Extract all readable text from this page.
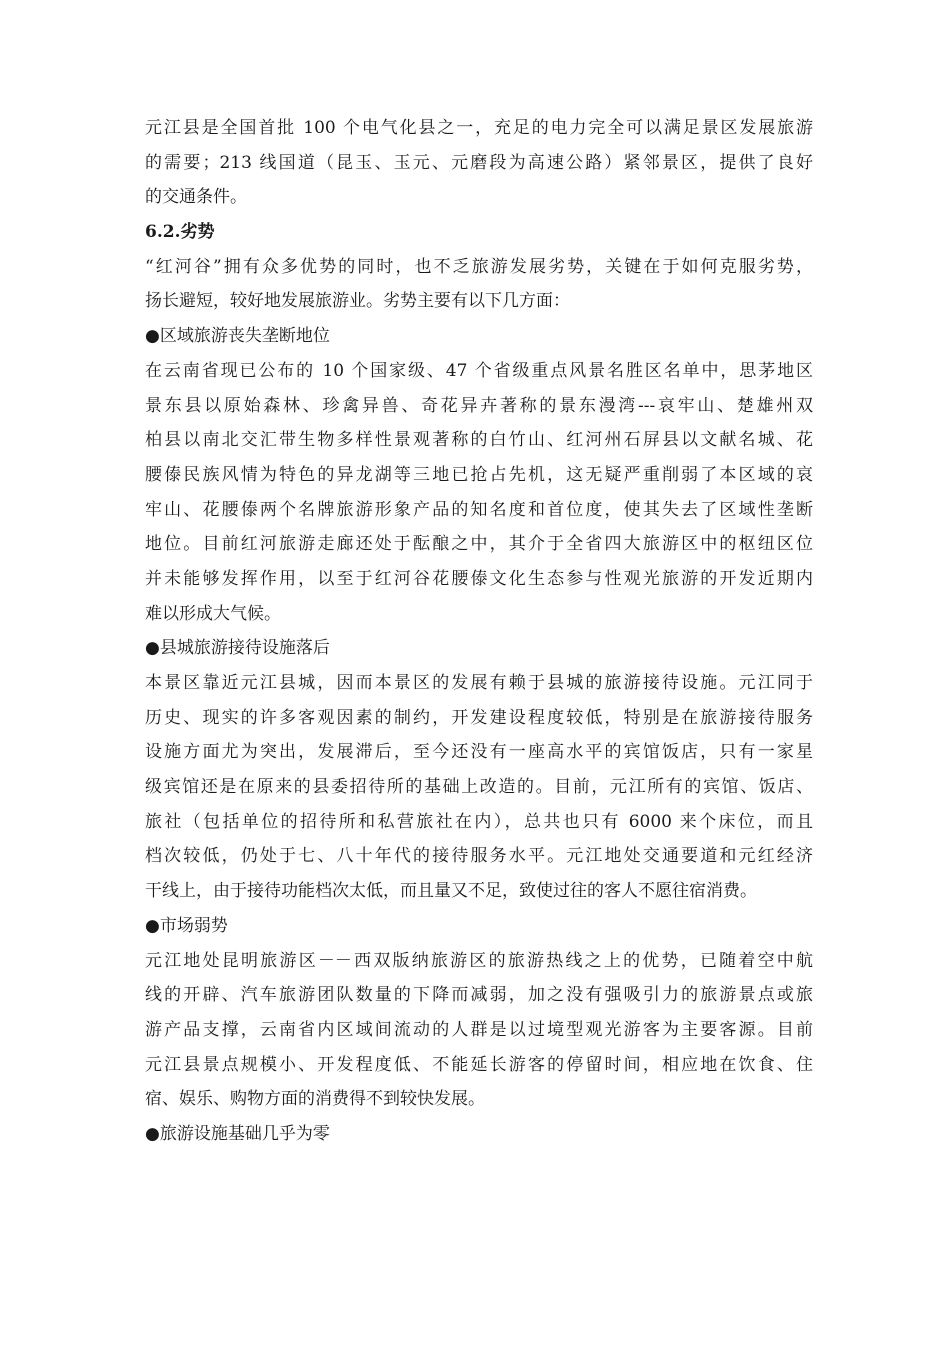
元江县是全国首批 100 个电气化县之一，充足的电力完全可以满足景区发展旅游
的需要；213 线国道（昆玉、玉元、元磨段为高速公路）紧邻景区，提供了良好
的交通条件。
6.2.劣势
“红河谷”拥有众多优势的同时，也不乏旅游发展劣势，关键在于如何克服劣势，
扬长避短，较好地发展旅游业。劣势主要有以下几方面：
●区域旅游丧失垄断地位
在云南省现已公布的 10 个国家级、47 个省级重点风景名胜区名单中，思茅地区
景东县以原始森林、珍禽异兽、奇花异卉著称的景东漫湾---哀牢山、楚雄州双
柏县以南北交汇带生物多样性景观著称的白竹山、红河州石屏县以文献名城、花
腰傣民族风情为特色的异龙湖等三地已抢占先机，这无疑严重削弱了本区域的哀
牢山、花腰傣两个名牌旅游形象产品的知名度和首位度，使其失去了区域性垄断
地位。目前红河旅游走廊还处于酝酿之中，其介于全省四大旅游区中的枢纽区位
并未能够发挥作用，以至于红河谷花腰傣文化生态参与性观光旅游的开发近期内
难以形成大气候。
●县城旅游接待设施落后
本景区靠近元江县城，因而本景区的发展有赖于县城的旅游接待设施。元江同于
历史、现实的许多客观因素的制约，开发建设程度较低，特别是在旅游接待服务
设施方面尤为突出，发展滞后，至今还没有一座高水平的宾馆饭店，只有一家星
级宾馆还是在原来的县委招待所的基础上改造的。目前，元江所有的宾馆、饭店、
旅社（包括单位的招待所和私营旅社在内），总共也只有 6000 来个床位，而且
档次较低，仍处于七、八十年代的接待服务水平。元江地处交通要道和元红经济
干线上，由于接待功能档次太低，而且量又不足，致使过往的客人不愿往宿消费。
●市场弱势
元江地处昆明旅游区－－西双版纳旅游区的旅游热线之上的优势，已随着空中航
线的开辟、汽车旅游团队数量的下降而减弱，加之没有强吸引力的旅游景点或旅
游产品支撑，云南省内区域间流动的人群是以过境型观光游客为主要客源。目前
元江县景点规模小、开发程度低、不能延长游客的停留时间，相应地在饮食、住
宿、娱乐、购物方面的消费得不到较快发展。
●旅游设施基础几乎为零
